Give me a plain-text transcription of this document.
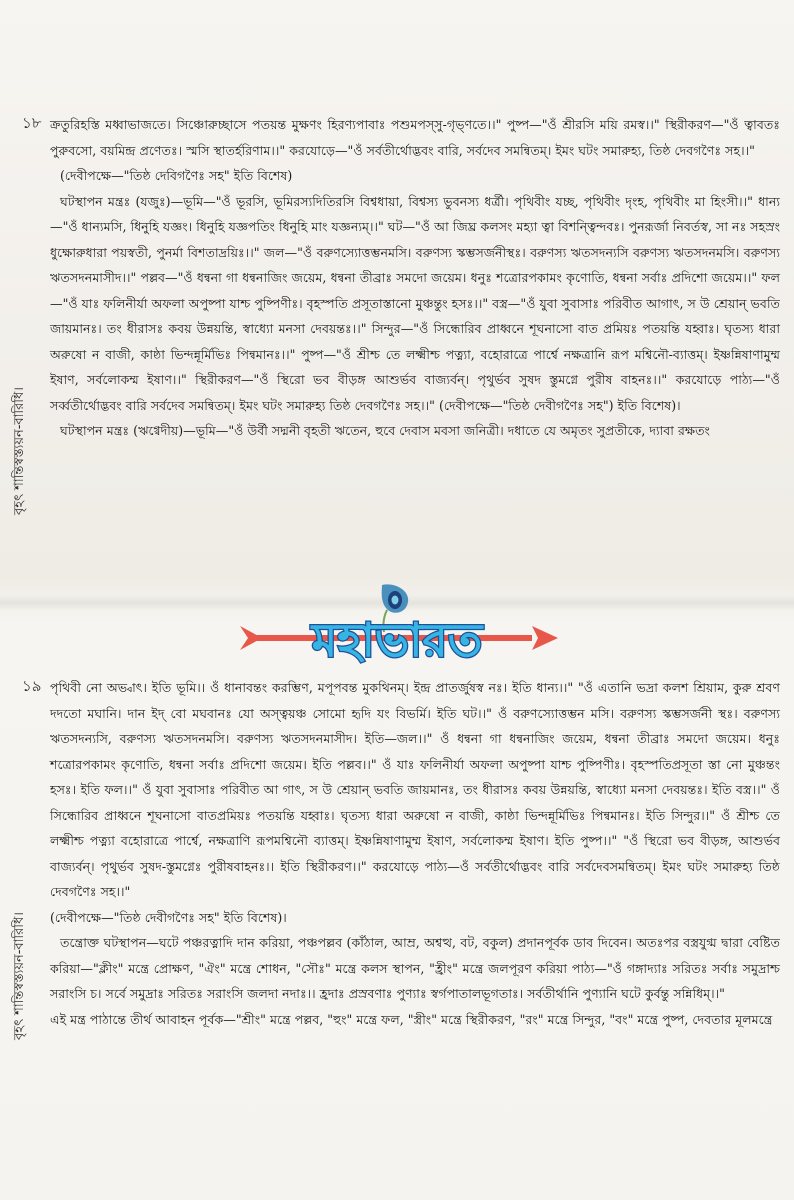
১৮
বৃহৎ শান্তিস্বস্ত্যয়ন-বারিধি।

ক্রতুরিহস্তি মধ্বাভাজতে। সিঞ্চোরুচ্ছাসে পতয়ন্ত মুক্ষণং হিরণ্যপাবাঃ পশুমপস্‌সু-গৃভ্ণতে।।" পুষ্প—"ওঁ শ্রীরসি ময়ি রমস্ব।।" স্থিরীকরণ—"ওঁ ত্বাবতঃ পুরুবসো, বয়মিন্দ্র প্রণেতঃ। স্মসি স্থাতর্হরিণাম।।" করযোড়ে—"ওঁ সর্বতীর্থোদ্ভবং বারি, সর্বদেব সমন্বিতম্‌। ইমং ঘটং সমারুহ্য, তিষ্ঠ দেবগণৈঃ সহ।।"

(দেবীপক্ষে—"তিষ্ঠ দেবিগণৈঃ সহ" ইতি বিশেষ)

ঘটস্থাপন মন্ত্রঃ (যজুঃ)—ভূমি—"ওঁ ভূরসি, ভূমিরস্যদিতিরসি বিশ্বধায়া, বিশ্বস্য ভুবনস্য ধর্ত্রী। পৃথিবীং যচ্ছ, পৃথিবীং দৃংহ, পৃথিবীং মা হিংসী।।" ধান্য—"ওঁ ধান্যমসি, ধিনুহি যজ্ঞং। ধিনুহি যজ্ঞপতিং ধিনুহি মাং যজ্ঞন্যম্‌।।" ঘট—"ওঁ আ জিঘ্র কলসং মহ্যা ত্বা বিশন্ত্বিন্দবঃ। পুনরূর্জা নিবর্তস্ব, সা নঃ সহস্রং ধুক্ষোরুধারা পয়স্বতী, পুনর্মা বিশতাদ্রয়িঃ।।" জল—"ওঁ বরুণস্যোত্তম্ভনমসি। বরুণস্য স্কম্ভসর্জনীস্থঃ। বরুণস্য ঋতসদন্যসি বরুণস্য ঋতসদনমসি। বরুণস্য ঋতসদনমাসীদ।।" পল্লব—"ওঁ ধন্বনা গা ধন্বনাজিং জয়েম, ধন্বনা তীব্রাঃ সমদো জয়েম। ধনুঃ শত্রোরপকামং কৃণোতি, ধন্বনা সর্বাঃ প্রদিশো জয়েম।।" ফল—"ওঁ যাঃ ফলিনীর্যা অফলা অপুষ্পা যাশ্চ পুষ্পিণীঃ। বৃহস্পতি প্রসূতাস্তানো মুঞ্চন্তুং হসঃ।।" বস্ত্র—"ওঁ যুবা সুবাসাঃ পরিবীত আগাৎ, স উ শ্রেয়ান্‌ ভবতি জায়মানঃ। তং ধীরাসঃ কবয় উন্নয়ন্তি, স্বাধ্যো মনসা দেবয়ন্তঃ।।" সিন্দুর—"ওঁ সিন্ধোরিব প্রাধ্বনে শূঘনাসো বাত প্রমিয়ঃ পতয়ন্তি যহ্বাঃ। ঘৃতস্য ধারা অরুষো ন বাজী, কাষ্ঠা ভিন্দন্নূর্মিভিঃ পিন্বমানঃ।।" পুষ্প—"ওঁ শ্রীশ্চ তে লক্ষ্মীশ্চ পত্ন্যা, বহোরাত্রে পার্শ্বে নক্ষত্রানি রূপ মশ্বিনৌ-ব্যাত্তম্‌। ইষ্ণন্নিষাণামুম্ম ইষাণ, সর্বলোকম্ম ইষাণ।।" স্থিরীকরণ—"ওঁ স্থিরো ভব বীড়ঙ্গ আশুর্ভব বাজ্যর্বন্‌। পৃথুর্ভব সুষদ স্তুমগ্নে পুরীষ বাহনঃ।।" করযোড়ে পাঠ্য—"ওঁ সর্ব্বতীর্থোদ্ভবং বারি সর্বদেব সমন্বিতম্‌। ইমং ঘটং সমারুহ্য তিষ্ঠ দেবগণৈঃ সহ।।" (দেবীপক্ষে—"তিষ্ঠ দেবীগণৈঃ সহ") ইতি বিশেষ)।

ঘটস্থাপন মন্ত্রঃ (ঋগ্বেদীয়)—ভূমি—"ওঁ উর্বী সদ্মনী বৃহতী ঋতেন, হুবে দেবাস মবসা জনিত্রী। দধাতে যে অমৃতং সুপ্রতীকে, দ্যাবা রক্ষতং

মহাভারত
১৯
বৃহৎ শান্তিস্বস্ত্যয়ন-বারিধি।

পৃথিবী নো অভ্বাৎ। ইতি ভূমি।। ওঁ ধানাবন্তং করম্ভিণ, মপূপবন্ত মুকথিনম্‌। ইন্দ্র প্রাতর্জুষস্ব নঃ। ইতি ধান্য।।" "ওঁ এতানি ভদ্রা কলশ শ্রিয়াম, কুরু শ্রবণ দদতো মঘানি। দান ইদ্‌ বো মঘবানঃ যো অস্ত্বয়ঞ্চ সোমো হৃদি যং বিভর্মি। ইতি ঘট।।" ওঁ বরুণস্যোত্তম্ভন মসি। বরুণস্য স্কম্ভসর্জনী স্থঃ। বরুণস্য ঋতসদন্যসি, বরুণস্য ঋতসদনমসি। বরুণস্য ঋতসদনমাসীদ। ইতি—জল।।" ওঁ ধন্বনা গা ধন্বনাজিং জয়েম, ধন্বনা তীব্রাঃ সমদো জয়েম। ধনুঃ শত্রোরপকামং কৃণোতি, ধন্বনা সর্বাঃ প্রদিশো জয়েম। ইতি পল্লব।।" ওঁ যাঃ ফলিনীর্যা অফলা অপুষ্পা যাশ্চ পুষ্পিণীঃ। বৃহস্পতিপ্রসূতা স্তা নো মুঞ্চন্তং হসঃ। ইতি ফল।।" ওঁ যুবা সুবাসাঃ পরিবীত আ গাৎ, স উ শ্রেয়ান্‌ ভবতি জায়মানঃ, তং ধীরাসঃ কবয় উন্নয়ন্তি, স্বাধ্যো মনসা দেবয়ন্তঃ। ইতি বস্ত্র।।" ওঁ সিন্ধোরিব প্রাধ্বনে শূঘনাসো বাতপ্রমিয়ঃ পতয়ন্তি যহ্বাঃ। ঘৃতস্য ধারা অরুষো ন বাজী, কাষ্ঠা ভিন্দন্নূর্মিভিঃ পিন্বমানঃ। ইতি সিন্দুর।।" ওঁ শ্রীশ্চ তে লক্ষ্মীশ্চ পত্ন্যা বহোরাত্রে পার্শ্বে, নক্ষত্রাণি রূপমশ্বিনৌ ব্যাত্তম্‌। ইষ্ণন্নিষাণামুম্ম ইষাণ, সর্বলোকম্ম ইষাণ। ইতি পুষ্প।।" "ওঁ স্থিরো ভব বীড়ঙ্গ, আশুর্ভব বাজ্যর্বন্‌। পৃথুর্ভব সুষদ-স্তুমগ্নেঃ পুরীষবাহনঃ।। ইতি স্থিরীকরণ।।" করযোড়ে পাঠ্য—ওঁ সর্বতীর্থোদ্ভবং বারি সর্বদেবসমন্বিতম্‌। ইমং ঘটং সমারুহ্য তিষ্ঠ দেবগণৈঃ সহ।।"

(দেবীপক্ষে—"তিষ্ঠ দেবীগণৈঃ সহ" ইতি বিশেষ)।

তন্ত্রোক্ত ঘটস্থাপন—ঘটে পঞ্চরত্নাদি দান করিয়া, পঞ্চপল্লব (কাঁঠাল, আম্র, অশ্বত্থ, বট, বকুল) প্রদানপূর্বক ডাব দিবেন। অতঃপর বস্ত্রযুগ্ম দ্বারা বেষ্টিত করিয়া—"ক্লীং" মন্ত্রে প্রোক্ষণ, "ঐং" মন্ত্রে শোধন, "সৌঃ" মন্ত্রে কলস স্থাপন, "হ্রীং" মন্ত্রে জলপূরণ করিয়া পাঠ্য—"ওঁ গঙ্গাদ্যাঃ সরিতঃ সর্বাঃ সমুদ্রাশ্চ সরাংসি চ। সর্বে সমুদ্রাঃ সরিতঃ সরাংসি জলদা নদাঃ।। হ্রদাঃ প্রস্রবণাঃ পুণ্যাঃ স্বর্গপাতালভূগতাঃ। সর্বতীর্থানি পুণ্যানি ঘটে কুর্বন্তু সন্নিধিম্‌।।"

এই মন্ত্র পাঠান্তে তীর্থ আবাহন পূর্বক—"শ্রীং" মন্ত্রে পল্লব, "হুং" মন্ত্রে ফল, "স্ত্রীং" মন্ত্রে স্থিরীকরণ, "রং" মন্ত্রে সিন্দুর, "বং" মন্ত্রে পুষ্প, দেবতার মূলমন্ত্রে
